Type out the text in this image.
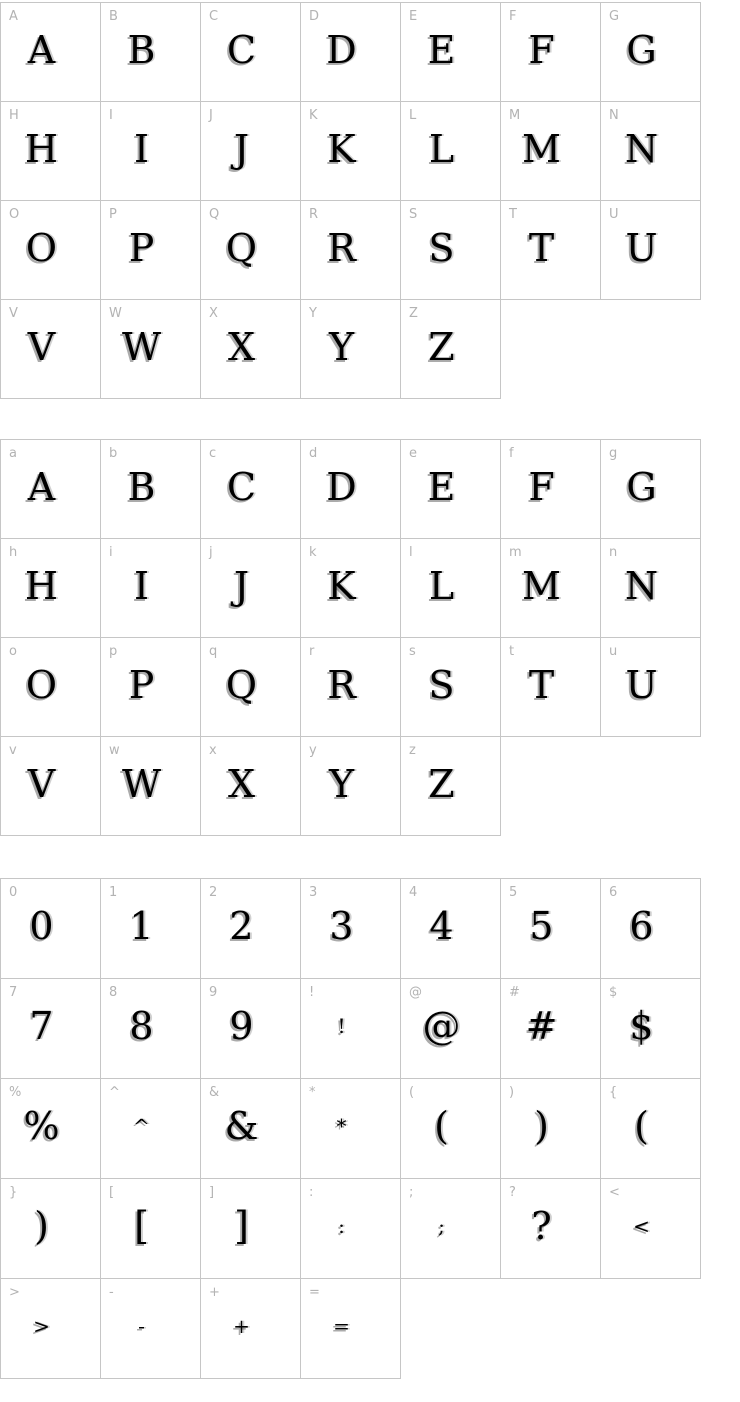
A
A
B
B
C
C
D
D
E
E
F
F
G
G
H
H
I
I
J
J
K
K
L
L
M
M
N
N
O
O
P
P
Q
Q
R
R
S
S
T
T
U
U
V
V
W
W
X
X
Y
Y
Z
Z
a
A
b
B
c
C
d
D
e
E
f
F
g
G
h
H
i
I
j
J
k
K
l
L
m
M
n
N
o
O
p
P
q
Q
r
R
s
S
t
T
u
U
v
V
w
W
x
X
y
Y
z
Z
0
0
1
1
2
2
3
3
4
4
5
5
6
6
7
7
8
8
9
9
!
!
@
@
#
#
$
$
%
%
^
^
&
&
*
*
(
(
)
)
{
(
}
)
[
[
]
]
:
:
;
;
?
?
<
<
>
>
-
-
+
+
=
=
